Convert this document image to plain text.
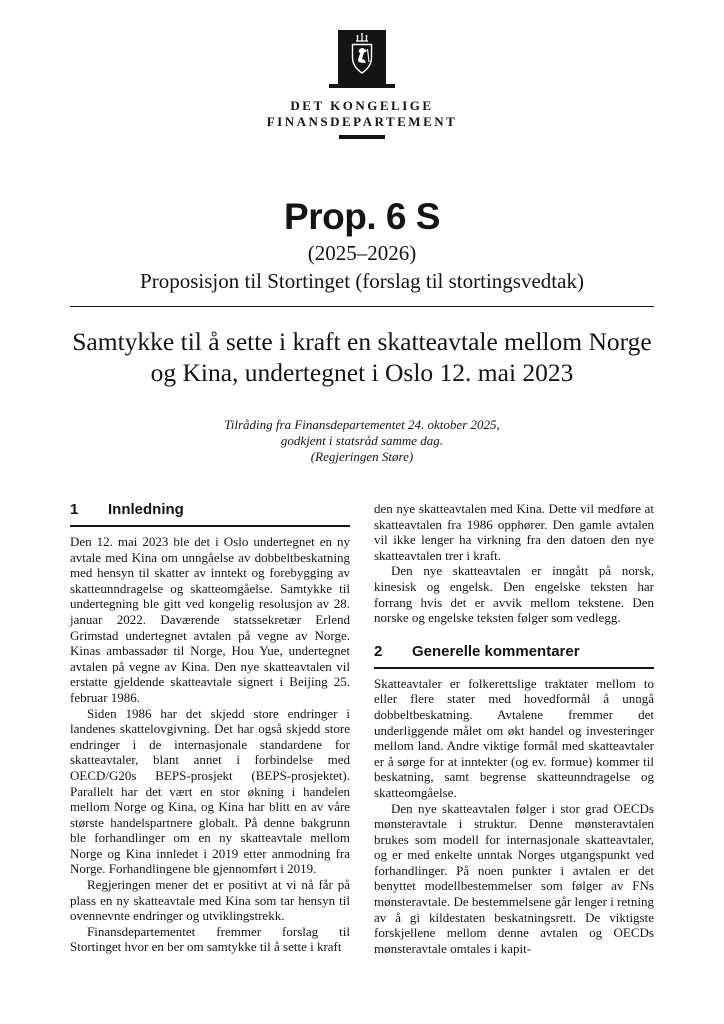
DET KONGELIGE
FINANSDEPARTEMENT
Prop. 6 S
(2025–2026)
Proposisjon til Stortinget (forslag til stortingsvedtak)
Samtykke til å sette i kraft en skatteavtale mellom Norge og Kina, undertegnet i Oslo 12. mai 2023
Tilråding fra Finansdepartementet 24. oktober 2025,
godkjent i statsråd samme dag.
(Regjeringen Støre)
1	Innledning

Den 12. mai 2023 ble det i Oslo undertegnet en ny avtale med Kina om unngåelse av dobbeltbeskatning med hensyn til skatter av inntekt og forebygging av skatteunndragelse og skatteomgåelse. Samtykke til undertegning ble gitt ved kongelig resolusjon av 28. januar 2022. Daværende statssekretær Erlend Grimstad undertegnet avtalen på vegne av Norge. Kinas ambassadør til Norge, Hou Yue, undertegnet avtalen på vegne av Kina. Den nye skatteavtalen vil erstatte gjeldende skatteavtale signert i Beijing 25. februar 1986.

Siden 1986 har det skjedd store endringer i landenes skattelovgivning. Det har også skjedd store endringer i de internasjonale standardene for skatteavtaler, blant annet i forbindelse med OECD/G20s BEPS-prosjekt (BEPS-prosjektet). Parallelt har det vært en stor økning i handelen mellom Norge og Kina, og Kina har blitt en av våre største handelspartnere globalt. På denne bakgrunn ble forhandlinger om en ny skatteavtale mellom Norge og Kina innledet i 2019 etter anmodning fra Norge. Forhandlingene ble gjennomført i 2019.

Regjeringen mener det er positivt at vi nå får på plass en ny skatteavtale med Kina som tar hensyn til ovennevnte endringer og utviklingstrekk.

Finansdepartementet fremmer forslag til Stortinget hvor en ber om samtykke til å sette i kraft

den nye skatteavtalen med Kina. Dette vil medføre at skatteavtalen fra 1986 opphører. Den gamle avtalen vil ikke lenger ha virkning fra den datoen den nye skatteavtalen trer i kraft.

Den nye skatteavtalen er inngått på norsk, kinesisk og engelsk. Den engelske teksten har forrang hvis det er avvik mellom tekstene. Den norske og engelske teksten følger som vedlegg.

2	Generelle kommentarer

Skatteavtaler er folkerettslige traktater mellom to eller flere stater med hovedformål å unngå dobbeltbeskatning. Avtalene fremmer det underliggende målet om økt handel og investeringer mellom land. Andre viktige formål med skatteavtaler er å sørge for at inntekter (og ev. formue) kommer til beskatning, samt begrense skatteunndragelse og skatteomgåelse.

Den nye skatteavtalen følger i stor grad OECDs mønsteravtale i struktur. Denne mønsteravtalen brukes som modell for internasjonale skatteavtaler, og er med enkelte unntak Norges utgangspunkt ved forhandlinger. På noen punkter i avtalen er det benyttet modellbestemmelser som følger av FNs mønsteravtale. De bestemmelsene går lenger i retning av å gi kildestaten beskatningsrett. De viktigste forskjellene mellom denne avtalen og OECDs mønsteravtale omtales i kapit-
